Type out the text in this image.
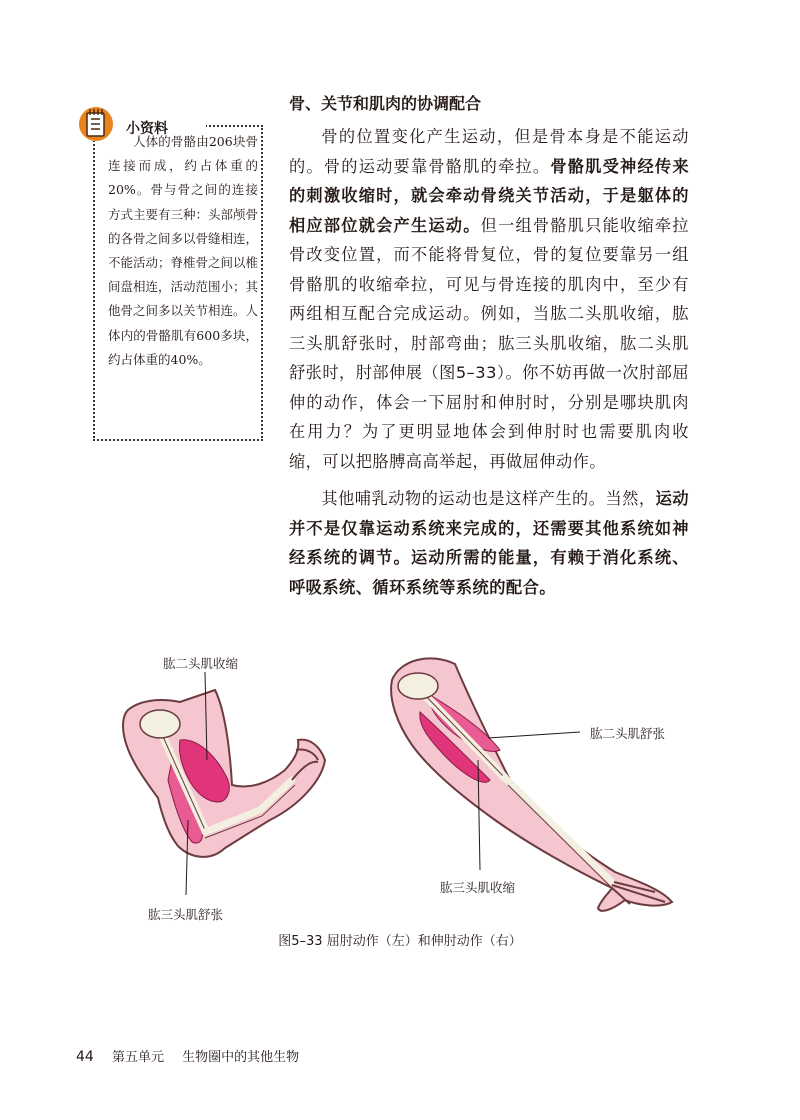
小资料
人体的骨骼由206块骨连接而成，约占体重的20%。骨与骨之间的连接方式主要有三种：头部颅骨的各骨之间多以骨缝相连，不能活动；脊椎骨之间以椎间盘相连，活动范围小；其他骨之间多以关节相连。人体内的骨骼肌有600多块，约占体重的40%。
骨、关节和肌肉的协调配合

骨的位置变化产生运动，但是骨本身是不能运动的。骨的运动要靠骨骼肌的牵拉。骨骼肌受神经传来的刺激收缩时，就会牵动骨绕关节活动，于是躯体的相应部位就会产生运动。但一组骨骼肌只能收缩牵拉骨改变位置，而不能将骨复位，骨的复位要靠另一组骨骼肌的收缩牵拉，可见与骨连接的肌肉中，至少有两组相互配合完成运动。例如，当肱二头肌收缩，肱三头肌舒张时，肘部弯曲；肱三头肌收缩，肱二头肌舒张时，肘部伸展（图5–33）。你不妨再做一次肘部屈伸的动作，体会一下屈肘和伸肘时，分别是哪块肌肉在用力？为了更明显地体会到伸肘时也需要肌肉收缩，可以把胳膊高高举起，再做屈伸动作。

其他哺乳动物的运动也是这样产生的。当然，运动并不是仅靠运动系统来完成的，还需要其他系统如神经系统的调节。运动所需的能量，有赖于消化系统、呼吸系统、循环系统等系统的配合。

肱二头肌收缩
肱三头肌舒张
肱二头肌舒张
肱三头肌收缩
图5–33 屈肘动作（左）和伸肘动作（右）
44 第五单元 生物圈中的其他生物
